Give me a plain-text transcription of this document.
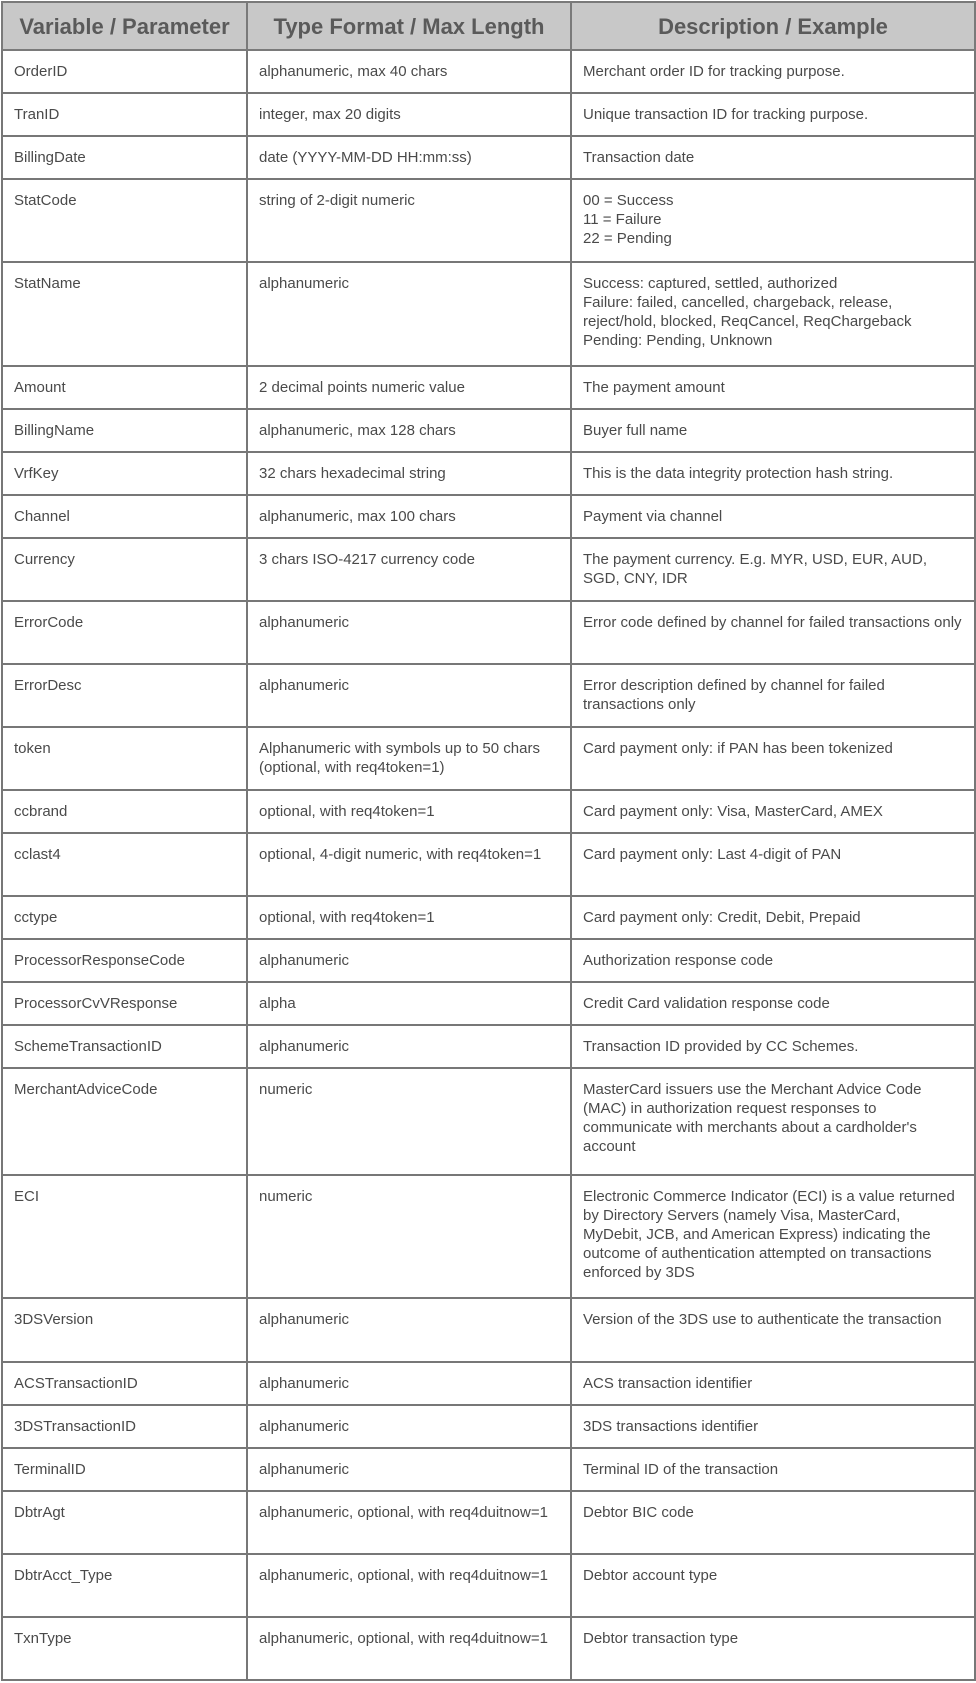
Variable / Parameter	Type Format / Max Length	Description / Example
OrderID	alphanumeric, max 40 chars	Merchant order ID for tracking purpose.
TranID	integer, max 20 digits	Unique transaction ID for tracking purpose.
BillingDate	date (YYYY-MM-DD HH:mm:ss)	Transaction date
StatCode	string of 2-digit numeric	00 = Success
11 = Failure
22 = Pending
StatName	alphanumeric	Success: captured, settled, authorized
Failure: failed, cancelled, chargeback, release, reject/hold, blocked, ReqCancel, ReqChargeback
Pending: Pending, Unknown
Amount	2 decimal points numeric value	The payment amount
BillingName	alphanumeric, max 128 chars	Buyer full name
VrfKey	32 chars hexadecimal string	This is the data integrity protection hash string.
Channel	alphanumeric, max 100 chars	Payment via channel
Currency	3 chars ISO-4217 currency code	The payment currency. E.g. MYR, USD, EUR, AUD, SGD, CNY, IDR
ErrorCode	alphanumeric	Error code defined by channel for failed transactions only
ErrorDesc	alphanumeric	Error description defined by channel for failed transactions only
token	Alphanumeric with symbols up to 50 chars (optional, with req4token=1)	Card payment only: if PAN has been tokenized
ccbrand	optional, with req4token=1	Card payment only: Visa, MasterCard, AMEX
cclast4	optional, 4-digit numeric, with req4token=1	Card payment only: Last 4-digit of PAN
cctype	optional, with req4token=1	Card payment only: Credit, Debit, Prepaid
ProcessorResponseCode	alphanumeric	Authorization response code
ProcessorCvVResponse	alpha	Credit Card validation response code
SchemeTransactionID	alphanumeric	Transaction ID provided by CC Schemes.
MerchantAdviceCode	numeric	MasterCard issuers use the Merchant Advice Code (MAC) in authorization request responses to communicate with merchants about a cardholder's account
ECI	numeric	Electronic Commerce Indicator (ECI) is a value returned by Directory Servers (namely Visa, MasterCard, MyDebit, JCB, and American Express) indicating the outcome of authentication attempted on transactions enforced by 3DS
3DSVersion	alphanumeric	Version of the 3DS use to authenticate the transaction
ACSTransactionID	alphanumeric	ACS transaction identifier
3DSTransactionID	alphanumeric	3DS transactions identifier
TerminalID	alphanumeric	Terminal ID of the transaction
DbtrAgt	alphanumeric, optional, with req4duitnow=1	Debtor BIC code
DbtrAcct_Type	alphanumeric, optional, with req4duitnow=1	Debtor account type
TxnType	alphanumeric, optional, with req4duitnow=1	Debtor transaction type
